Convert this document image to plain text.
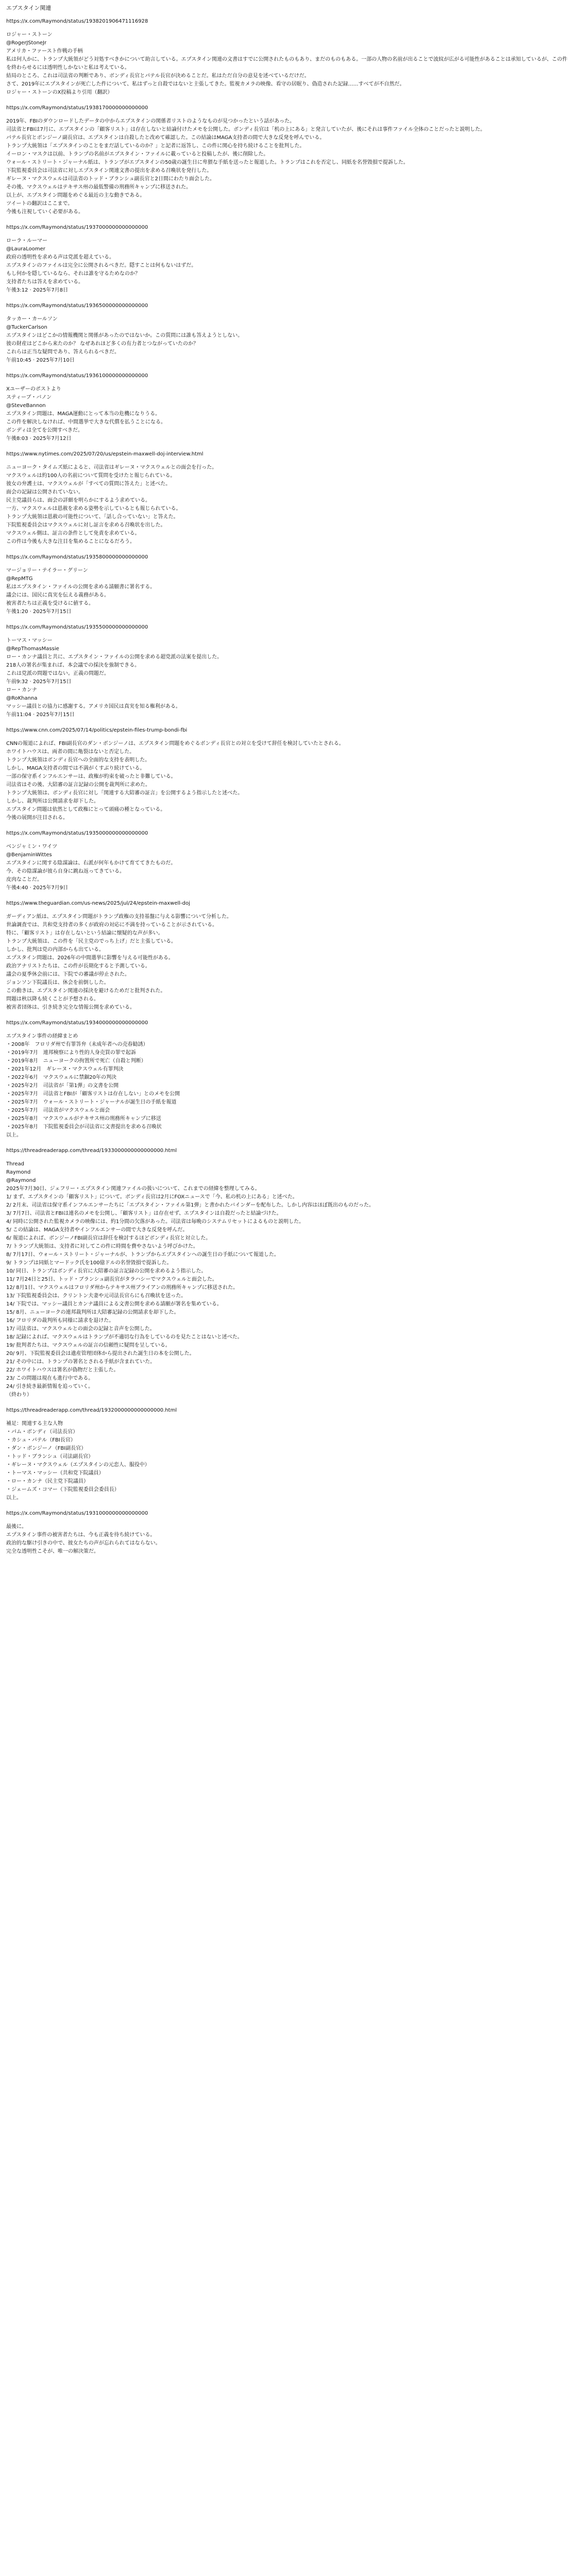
エプスタイン関連
https://x.com/Raymond/status/1938201906471116928
ロジャー・ストーン
@RogerJStoneJr
アメリカ・ファースト作戦の手柄
私は何人かに、トランプ大統領がどう対処すべきかについて助言している。エプスタイン関連の文書はすでに公開されたものもあり、まだのものもある。一部の人物の名前が出ることで波紋が広がる可能性があることは承知しているが、この件を終わらせるには透明性しかないと私は考えている。
結局のところ、これは司法省の判断であり、ボンディ長官とパテル長官が決めることだ。私はただ自分の意見を述べているだけだ。
さて、2019年にエプスタインが死亡した件について、私はずっと自殺ではないと主張してきた。監視カメラの映像、看守の居眠り、偽造された記録……すべてが不自然だ。
ロジャー・ストーンのX投稿より引用（翻訳）
https://x.com/Raymond/status/1938170000000000000
2019年、FBIのダウンロードしたデータの中からエプスタインの関係者リストのようなものが見つかったという話があった。
司法省とFBIは7月に、エプスタインの「顧客リスト」は存在しないと結論付けたメモを公開した。ボンディ長官は「机の上にある」と発言していたが、後にそれは事件ファイル全体のことだったと説明した。
パテル長官とボンジーノ副長官は、エプスタインは自殺したと改めて確認した。この結論はMAGA支持者の間で大きな反発を呼んでいる。
トランプ大統領は「エプスタインのことをまだ話しているのか？」と記者に返答し、この件に関心を持ち続けることを批判した。
イーロン・マスクは以前、トランプの名前がエプスタイン・ファイルに載っていると投稿したが、後に削除した。
ウォール・ストリート・ジャーナル紙は、トランプがエプスタインの50歳の誕生日に卑猥な手紙を送ったと報道した。トランプはこれを否定し、同紙を名誉毀損で提訴した。
下院監視委員会は司法省に対しエプスタイン関連文書の提出を求める召喚状を発行した。
ギレーヌ・マクスウェルは司法省のトッド・ブランシュ副長官と2日間にわたり面会した。
その後、マクスウェルはテキサス州の最低警備の刑務所キャンプに移送された。
以上が、エプスタイン問題をめぐる最近の主な動きである。
ツイートの翻訳はここまで。
今後も注視していく必要がある。
https://x.com/Raymond/status/1937000000000000000
ローラ・ルーマー
@LauraLoomer
政府の透明性を求める声は党派を超えている。
エプスタインのファイルは完全に公開されるべきだ。隠すことは何もないはずだ。
もし何かを隠しているなら、それは誰を守るためなのか？
支持者たちは答えを求めている。
午後3:12 · 2025年7月8日
https://x.com/Raymond/status/1936500000000000000
タッカー・カールソン
@TuckerCarlson
エプスタインはどこかの情報機関と関係があったのではないか。この質問には誰も答えようとしない。
彼の財産はどこから来たのか？ なぜあれほど多くの有力者とつながっていたのか？
これらは正当な疑問であり、答えられるべきだ。
午前10:45 · 2025年7月10日
https://x.com/Raymond/status/1936100000000000000
Xユーザーのポストより
スティーブ・バノン
@SteveBannon
エプスタイン問題は、MAGA運動にとって本当の危機になりうる。
この件を解決しなければ、中間選挙で大きな代償を払うことになる。
ボンディは全てを公開すべきだ。
午後8:03 · 2025年7月12日
https://www.nytimes.com/2025/07/20/us/epstein-maxwell-doj-interview.html
ニューヨーク・タイムズ紙によると、司法省はギレーヌ・マクスウェルとの面会を行った。
マクスウェルは約100人の名前について質問を受けたと報じられている。
彼女の弁護士は、マクスウェルが「すべての質問に答えた」と述べた。
面会の記録は公開されていない。
民主党議員らは、面会の詳細を明らかにするよう求めている。
一方、マクスウェルは恩赦を求める姿勢を示しているとも報じられている。
トランプ大統領は恩赦の可能性について、「話し合っていない」と答えた。
下院監視委員会はマクスウェルに対し証言を求める召喚状を出した。
マクスウェル側は、証言の条件として免責を求めている。
この件は今後も大きな注目を集めることになるだろう。
https://x.com/Raymond/status/1935800000000000000
マージョリー・テイラー・グリーン
@RepMTG
私はエプスタイン・ファイルの公開を求める請願書に署名する。
議会には、国民に真実を伝える義務がある。
被害者たちは正義を受けるに値する。
午後1:20 · 2025年7月15日
https://x.com/Raymond/status/1935500000000000000
トーマス・マッシー
@RepThomasMassie
ロー・カンナ議員と共に、エプスタイン・ファイルの公開を求める超党派の法案を提出した。
218人の署名が集まれば、本会議での採決を強制できる。
これは党派の問題ではない。正義の問題だ。
午前9:32 · 2025年7月15日
ロー・カンナ
@RoKhanna
マッシー議員との協力に感謝する。アメリカ国民は真実を知る権利がある。
午前11:04 · 2025年7月15日
https://www.cnn.com/2025/07/14/politics/epstein-files-trump-bondi-fbi
CNNの報道によれば、FBI副長官のダン・ボンジーノは、エプスタイン問題をめぐるボンディ長官との対立を受けて辞任を検討していたとされる。
ホワイトハウスは、両者の間に亀裂はないと否定した。
トランプ大統領はボンディ長官への全面的な支持を表明した。
しかし、MAGA支持者の間では不満がくすぶり続けている。
一部の保守系インフルエンサーは、政権が約束を破ったと非難している。
司法省はその後、大陪審の証言記録の公開を裁判所に求めた。
トランプ大統領は、ボンディ長官に対し「関連する大陪審の証言」を公開するよう指示したと述べた。
しかし、裁判所は公開請求を却下した。
エプスタイン問題は依然として政権にとって頭痛の種となっている。
今後の展開が注目される。
https://x.com/Raymond/status/1935000000000000000
ベンジャミン・ワイツ
@BenjaminWittes
エプスタインに関する陰謀論は、右派が何年もかけて育ててきたものだ。
今、その陰謀論が彼ら自身に跳ね返ってきている。
皮肉なことだ。
午後4:40 · 2025年7月9日
https://www.theguardian.com/us-news/2025/jul/24/epstein-maxwell-doj
ガーディアン紙は、エプスタイン問題がトランプ政権の支持基盤に与える影響について分析した。
世論調査では、共和党支持者の多くが政府の対応に不満を持っていることが示されている。
特に、「顧客リスト」は存在しないという結論に懐疑的な声が多い。
トランプ大統領は、この件を「民主党のでっち上げ」だと主張している。
しかし、批判は党の内部からも出ている。
エプスタイン問題は、2026年の中間選挙に影響を与える可能性がある。
政治アナリストたちは、この件が長期化すると予測している。
議会の夏季休会前には、下院での審議が停止された。
ジョンソン下院議長は、休会を前倒しした。
この動きは、エプスタイン関連の採決を避けるためだと批判された。
問題は秋以降も続くことが予想される。
被害者団体は、引き続き完全な情報公開を求めている。
https://x.com/Raymond/status/1934000000000000000
エプスタイン事件の経緯まとめ
・2008年　フロリダ州で有罪答弁（未成年者への売春勧誘）
・2019年7月　連邦検察により性的人身売買の罪で起訴
・2019年8月　ニューヨークの拘置所で死亡（自殺と判断）
・2021年12月　ギレーヌ・マクスウェル有罪判決
・2022年6月　マクスウェルに禁錮20年の判決
・2025年2月　司法省が「第1弾」の文書を公開
・2025年7月　司法省とFBIが「顧客リストは存在しない」とのメモを公開
・2025年7月　ウォール・ストリート・ジャーナルが誕生日の手紙を報道
・2025年7月　司法省がマクスウェルと面会
・2025年8月　マクスウェルがテキサス州の刑務所キャンプに移送
・2025年8月　下院監視委員会が司法省に文書提出を求める召喚状
以上。
https://threadreaderapp.com/thread/1933000000000000000.html
Thread
Raymond
@Raymond
2025年7月30日、ジェフリー・エプスタイン関連ファイルの扱いについて、これまでの経緯を整理してみる。
1/ まず、エプスタインの「顧客リスト」について。ボンディ長官は2月にFOXニュースで「今、私の机の上にある」と述べた。
2/ 2月末、司法省は保守系インフルエンサーたちに「エプスタイン・ファイル第1弾」と書かれたバインダーを配布した。しかし内容はほぼ既出のものだった。
3/ 7月7日、司法省とFBIは連名のメモを公開し、「顧客リスト」は存在せず、エプスタインは自殺だったと結論づけた。
4/ 同時に公開された監視カメラの映像には、約1分間の欠落があった。司法省は毎晩のシステムリセットによるものと説明した。
5/ この結論は、MAGA支持者やインフルエンサーの間で大きな反発を呼んだ。
6/ 報道によれば、ボンジーノFBI副長官は辞任を検討するほどボンディ長官と対立した。
7/ トランプ大統領は、支持者に対してこの件に時間を費やさないよう呼びかけた。
8/ 7月17日、ウォール・ストリート・ジャーナルが、トランプからエプスタインへの誕生日の手紙について報道した。
9/ トランプは同紙とマードック氏を100億ドルの名誉毀損で提訴した。
10/ 同日、トランプはボンディ長官に大陪審の証言記録の公開を求めるよう指示した。
11/ 7月24日と25日、トッド・ブランシュ副長官がタラハシーでマクスウェルと面会した。
12/ 8月1日、マクスウェルはフロリダ州からテキサス州ブライアンの刑務所キャンプに移送された。
13/ 下院監視委員会は、クリントン夫妻や元司法長官らにも召喚状を送った。
14/ 下院では、マッシー議員とカンナ議員による文書公開を求める請願が署名を集めている。
15/ 8月、ニューヨークの連邦裁判所は大陪審記録の公開請求を却下した。
16/ フロリダの裁判所も同様に請求を退けた。
17/ 司法省は、マクスウェルとの面会の記録と音声を公開した。
18/ 記録によれば、マクスウェルはトランプが不適切な行為をしているのを見たことはないと述べた。
19/ 批判者たちは、マクスウェルの証言の信頼性に疑問を呈している。
20/ 9月、下院監視委員会は遺産管理団体から提出された誕生日の本を公開した。
21/ その中には、トランプの署名とされる手紙が含まれていた。
22/ ホワイトハウスは署名が偽物だと主張した。
23/ この問題は現在も進行中である。
24/ 引き続き最新情報を追っていく。
（終わり）
https://threadreaderapp.com/thread/1932000000000000000.html
補足：関連する主な人物
・パム・ボンディ（司法長官）
・カシュ・パテル（FBI長官）
・ダン・ボンジーノ（FBI副長官）
・トッド・ブランシュ（司法副長官）
・ギレーヌ・マクスウェル（エプスタインの元恋人、服役中）
・トーマス・マッシー（共和党下院議員）
・ロー・カンナ（民主党下院議員）
・ジェームズ・コマー（下院監視委員会委員長）
以上。
https://x.com/Raymond/status/1931000000000000000
最後に。
エプスタイン事件の被害者たちは、今も正義を待ち続けている。
政治的な駆け引きの中で、彼女たちの声が忘れられてはならない。
完全な透明性こそが、唯一の解決策だ。
